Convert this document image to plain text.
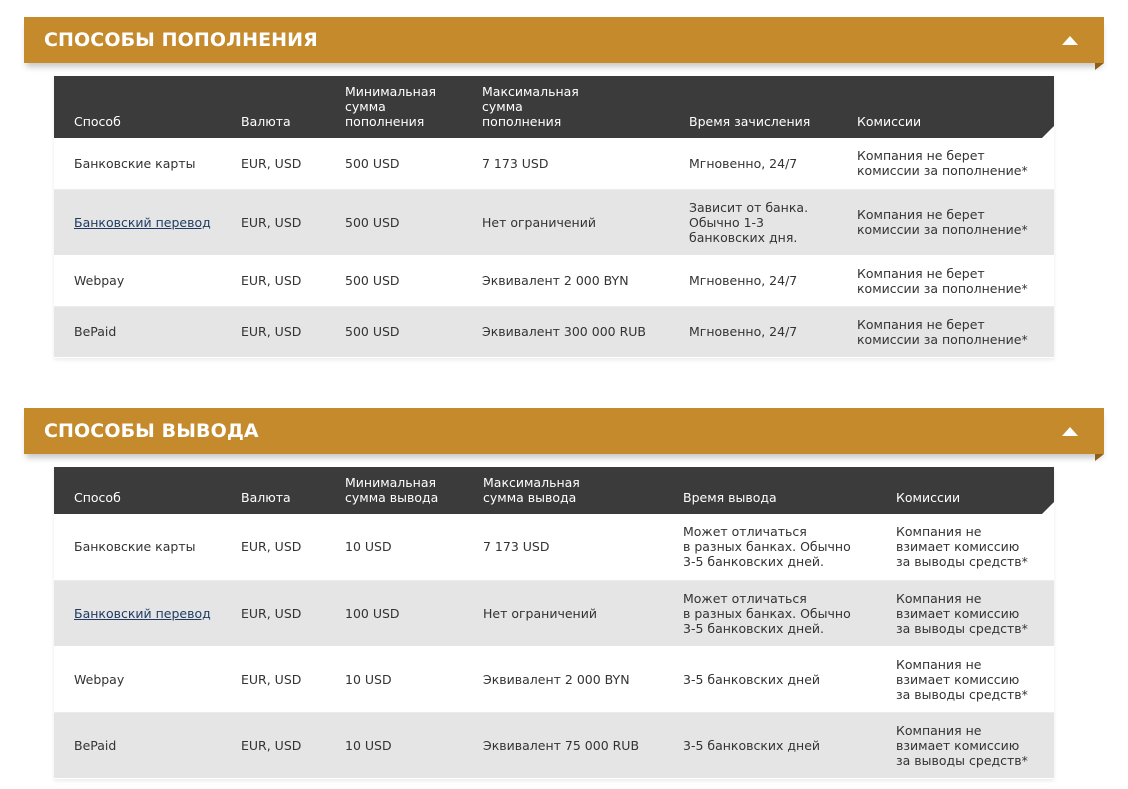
СПОСОБЫ ПОПОЛНЕНИЯ
Способ	Валюта	Минимальная
сумма
пополнения	Максимальная
сумма
пополнения	Время зачисления	Комиссии
Банковские карты	EUR, USD	500 USD	7 173 USD	Мгновенно, 24/7	Компания не берет
комиссии за пополнение*
Банковский перевод	EUR, USD	500 USD	Нет ограничений	Зависит от банка.
Обычно 1-3
банковских дня.	Компания не берет
комиссии за пополнение*
Webpay	EUR, USD	500 USD	Эквивалент 2 000 BYN	Мгновенно, 24/7	Компания не берет
комиссии за пополнение*
BePaid	EUR, USD	500 USD	Эквивалент 300 000 RUB	Мгновенно, 24/7	Компания не берет
комиссии за пополнение*
СПОСОБЫ ВЫВОДА
Способ	Валюта	Минимальная
сумма вывода	Максимальная
сумма вывода	Время вывода	Комиссии
Банковские карты	EUR, USD	10 USD	7 173 USD	Может отличаться
в разных банках. Обычно
3-5 банковских дней.	Компания не
взимает комиссию
за выводы средств*
Банковский перевод	EUR, USD	100 USD	Нет ограничений	Может отличаться
в разных банках. Обычно
3-5 банковских дней.	Компания не
взимает комиссию
за выводы средств*
Webpay	EUR, USD	10 USD	Эквивалент 2 000 BYN	3-5 банковских дней	Компания не
взимает комиссию
за выводы средств*
BePaid	EUR, USD	10 USD	Эквивалент 75 000 RUB	3-5 банковских дней	Компания не
взимает комиссию
за выводы средств*
